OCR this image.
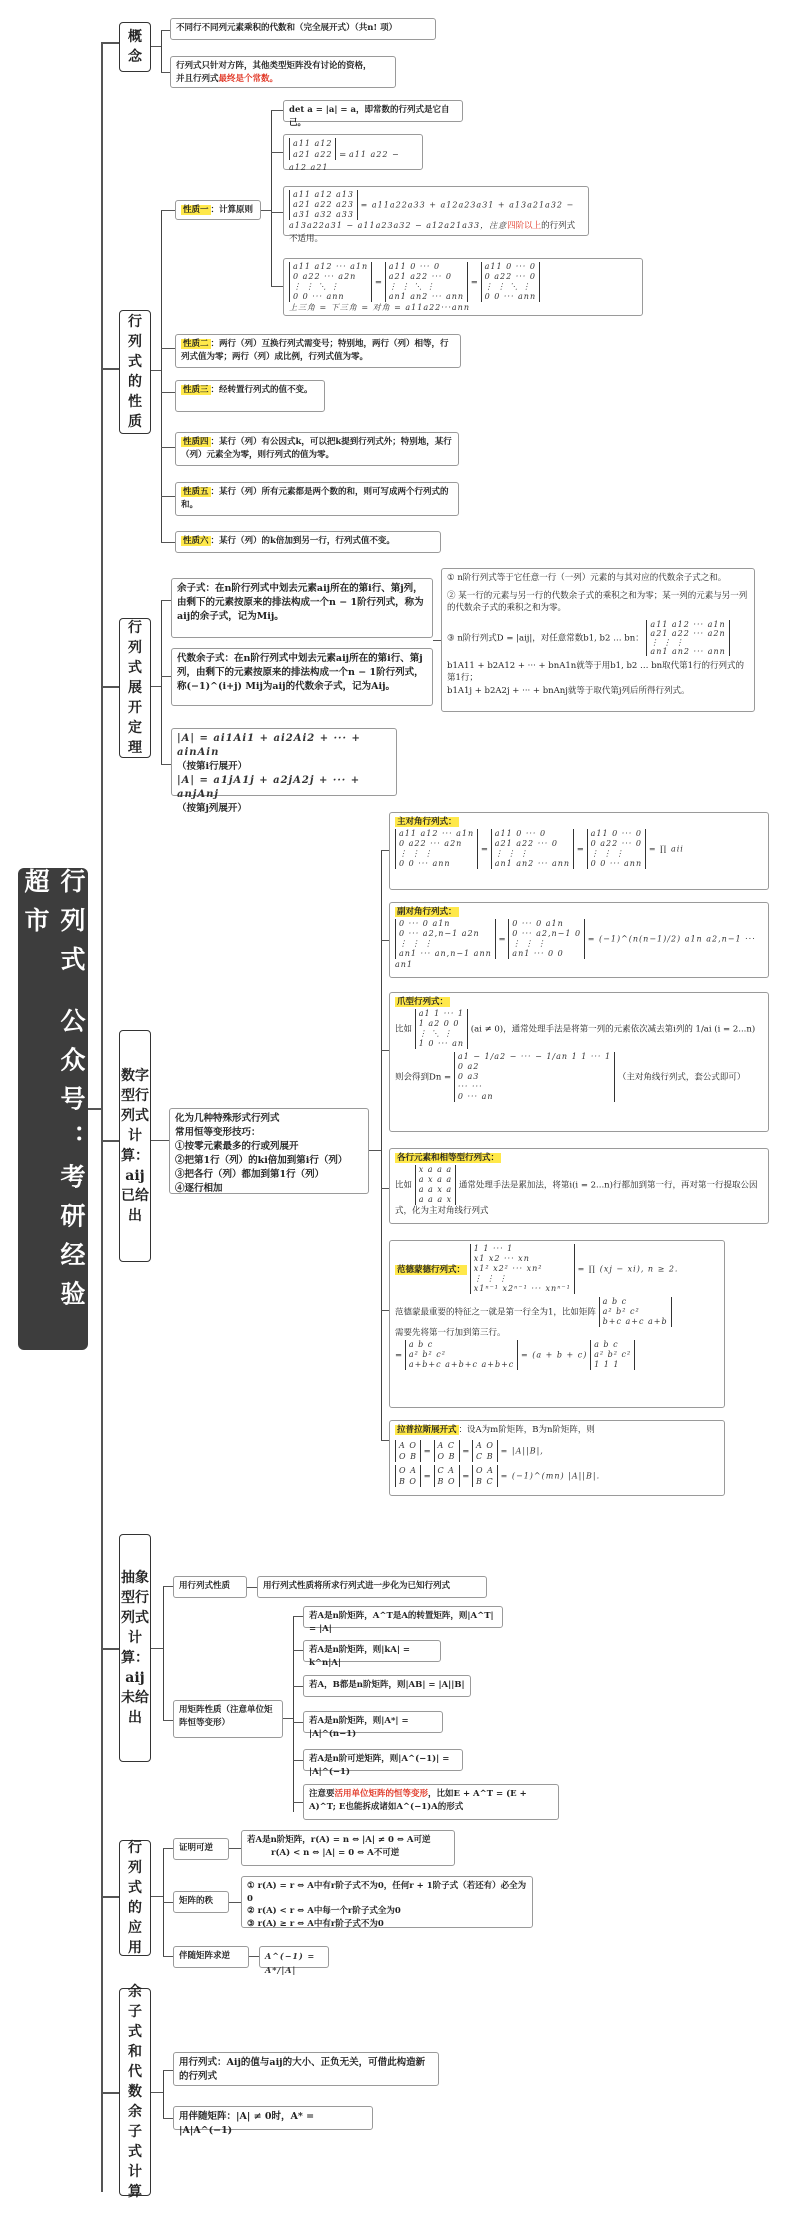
行列式 公众号：考研经验超市
概念
不同行不同列元素乘积的代数和（完全展开式）（共n! 项）
行列式只针对方阵，其他类型矩阵没有讨论的资格，
并且行列式最终是个常数。
行列式的性质
性质一 ：计算原则
det a = |a| = a，即常数的行列式是它自己。
a11 a12
a21 a22 = a11 a22 − a12 a21
a11 a12 a13
a21 a22 a23
a31 a32 a33 = a11a22a33 + a12a23a31 + a13a21a32 − a13a22a31 − a11a23a32 − a12a21a33，注意四阶以上的行列式不适用。
a11 a12 ··· a1n
0 a22 ··· a2n
⋮ ⋮ ⋱ ⋮
0 0 ··· ann = a11 0 ··· 0
a21 a22 ··· 0
⋮ ⋮ ⋱ ⋮
an1 an2 ··· ann = a11 0 ··· 0
0 a22 ··· 0
⋮ ⋮ ⋱ ⋮
0 0 ··· ann
上三角 = 下三角 = 对角 = a11a22···ann
性质二 ：两行（列）互换行列式需变号；特别地，两行（列）相等，行列式值为零；两行（列）成比例，行列式值为零。
性质三 ：经转置行列式的值不变。
性质四 ：某行（列）有公因式k，可以把k提到行列式外；特别地，某行（列）元素全为零，则行列式的值为零。
性质五 ：某行（列）所有元素都是两个数的和，则可写成两个行列式的和。
性质六 ：某行（列）的k倍加到另一行，行列式值不变。
行列式展开定理
余子式：在n阶行列式中划去元素aij所在的第i行、第j列，由剩下的元素按原来的排法构成一个n − 1阶行列式，称为aij的余子式，记为Mij。
代数余子式：在n阶行列式中划去元素aij所在的第i行、第j列，由剩下的元素按原来的排法构成一个n − 1阶行列式，称(−1)^(i+j) Mij为aij的代数余子式，记为Aij。
① n阶行列式等于它任意一行（一列）元素的与其对应的代数余子式之和。
② 某一行的元素与另一行的代数余子式的乘积之和为零；某一列的元素与另一列的代数余子式的乘积之和为零。
③ n阶行列式D = |aij|，对任意常数b1, b2 … bn： a11 a12 ··· a1n
a21 a22 ··· a2n
⋮ ⋮ ⋮
an1 an2 ··· ann
b1A11 + b2A12 + ··· + bnA1n就等于用b1, b2 … bn取代第1行的行列式的第1行；
b1A1j + b2A2j + ··· + bnAnj就等于取代第j列后所得行列式。
|A| = ai1Ai1 + ai2Ai2 + ··· + ainAin
（按第i行展开）
|A| = a1jA1j + a2jA2j + ··· + anjAnj
（按第j列展开）
数字型行列式计算：aij已给出
化为几种特殊形式行列式
常用恒等变形技巧：
①按零元素最多的行或列展开
②把第1行（列）的ki倍加到第i行（列）
③把各行（列）都加到第1行（列）
④逐行相加
主对角行列式：
a11 a12 ··· a1n
0 a22 ··· a2n
⋮ ⋮ ⋮
0 0 ··· ann = a11 0 ··· 0
a21 a22 ··· 0
⋮ ⋮ ⋮
an1 an2 ··· ann = a11 0 ··· 0
0 a22 ··· 0
⋮ ⋮ ⋮
0 0 ··· ann = ∏ aii
副对角行列式：
0 ··· 0 a1n
0 ··· a2,n−1 a2n
⋮ ⋮ ⋮
an1 ··· an,n−1 ann = 0 ··· 0 a1n
0 ··· a2,n−1 0
⋮ ⋮ ⋮
an1 ··· 0 0 = (−1)^(n(n−1)/2) a1n a2,n−1 ··· an1
爪型行列式：
比如 a1 1 ··· 1
1 a2 0 0
⋮ ⋱ ⋮
1 0 ··· an (ai ≠ 0)，通常处理手法是将第一列的元素依次减去第i列的 1/ai (i = 2...n)
则会得到Dn = a1 − 1/a2 − ··· − 1/an 1 1 ··· 1
0 a2
0 a3
··· ···
0 ··· an （主对角线行列式，套公式即可）
各行元素和相等型行列式：
比如 x a a a
a x a a
a a x a
a a a x 通常处理手法是累加法，将第i(i = 2...n)行都加到第一行，再对第一行提取公因式，化为主对角线行列式
范德蒙德行列式： 1 1 ··· 1
x1 x2 ··· xn
x1² x2² ··· xn²
⋮ ⋮ ⋮
x1ⁿ⁻¹ x2ⁿ⁻¹ ··· xnⁿ⁻¹ = ∏ (xj − xi), n ≥ 2.
范德蒙最重要的特征之一就是第一行全为1，比如矩阵 a b c
a² b² c²
b+c a+c a+b
需要先将第一行加到第三行。
= a b c
a² b² c²
a+b+c a+b+c a+b+c = (a + b + c) a b c
a² b² c²
1 1 1
拉普拉斯展开式 ：设A为m阶矩阵，B为n阶矩阵，则
A O
O B = A C
O B = A O
C B = |A||B|,
O A
B O = C A
B O = O A
B C = (−1)^(mn) |A||B|.
抽象型行列式计算：aij未给出
用行列式性质	用行列式性质将所求行列式进一步化为已知行列式
用矩阵性质（注意单位矩阵恒等变形）
若A是n阶矩阵，A^T是A的转置矩阵，则|A^T| = |A|
若A是n阶矩阵，则|kA| = k^n|A|
若A，B都是n阶矩阵，则|AB| = |A||B|
若A是n阶矩阵，则|A*| = |A|^(n−1)
若A是n阶可逆矩阵，则|A^(−1)| = |A|^(−1)
注意要活用单位矩阵的恒等变形，比如E + A^T = (E + A)^T; E也能拆成诸如A^(−1)A的形式
行列式的应用
证明可逆
若A是n阶矩阵，r(A) = n ⇔ |A| ≠ 0 ⇔ A可逆
r(A) < n ⇔ |A| = 0 ⇔ A不可逆
矩阵的秩
① r(A) = r ⇔ A中有r阶子式不为0，任何r + 1阶子式（若还有）必全为0
② r(A) < r ⇔ A中每一个r阶子式全为0
③ r(A) ≥ r ⇔ A中有r阶子式不为0
伴随矩阵求逆	A^(−1) = A*/|A|
余子式和代数余子式计算
用行列式：Aij的值与aij的大小、正负无关，可借此构造新的行列式
用伴随矩阵：|A| ≠ 0时，A* = |A|A^(−1)
